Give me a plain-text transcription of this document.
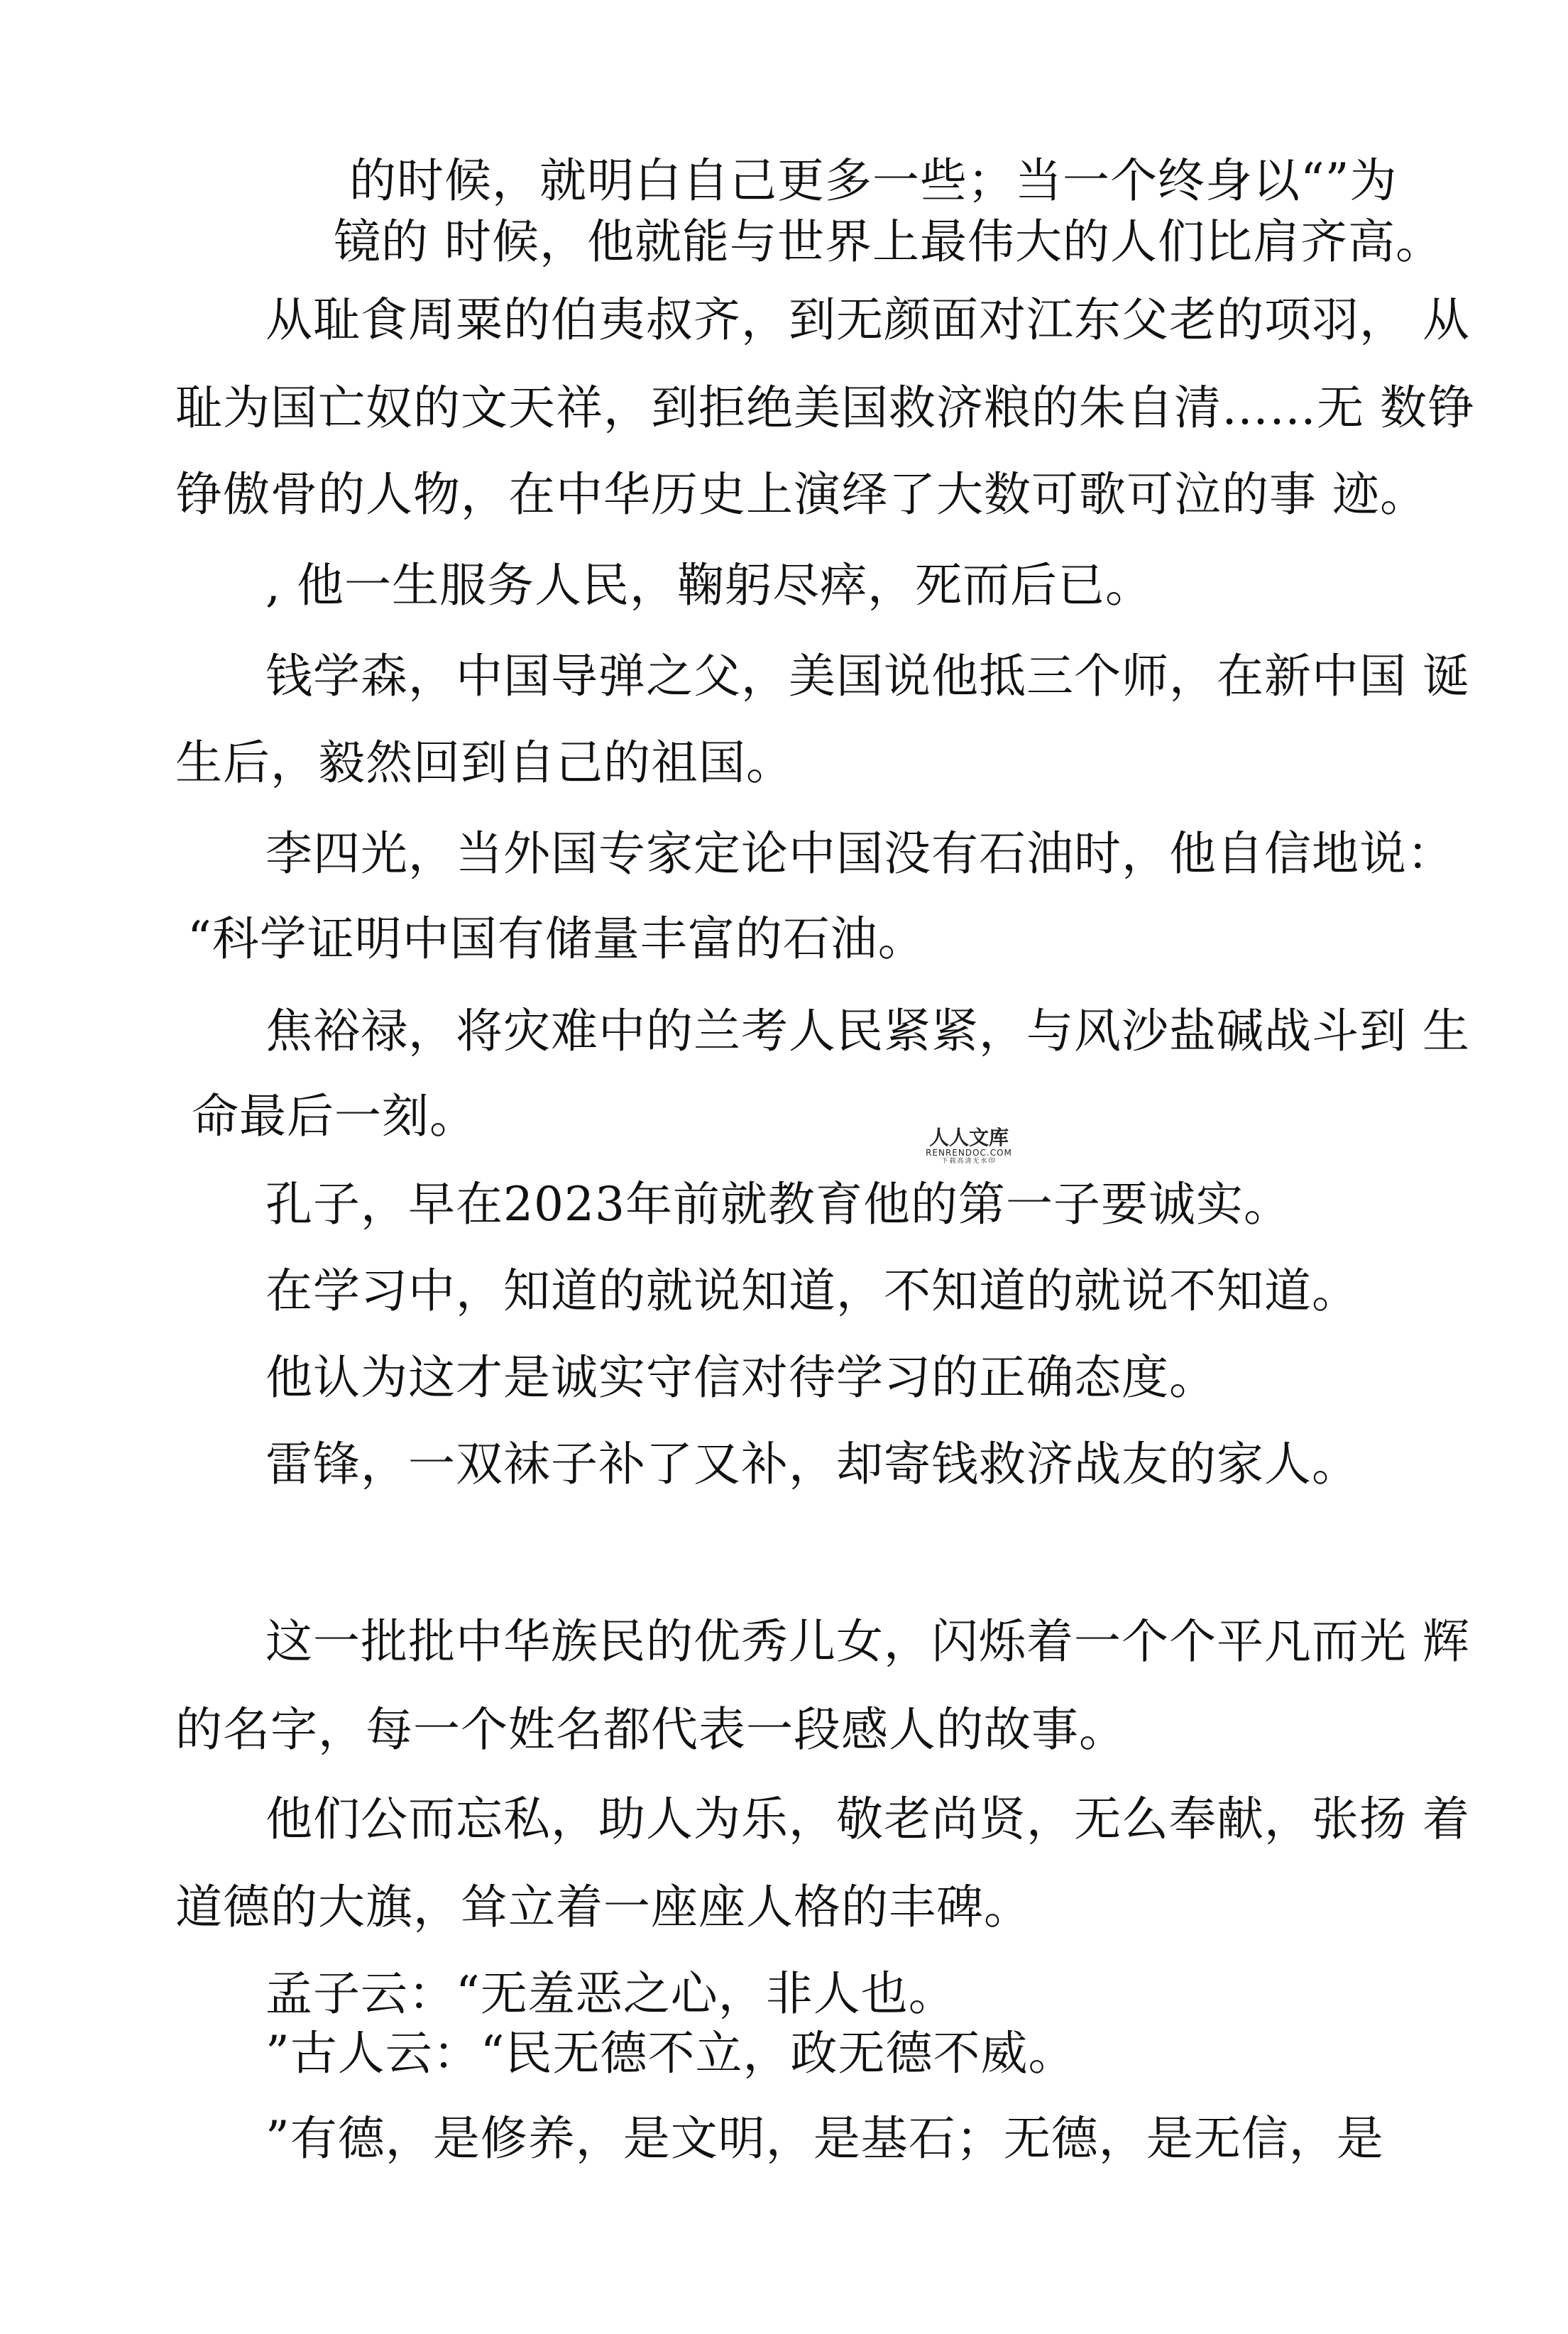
的时候，就明白自己更多一些；当一个终身以“”为
镜的 时候，他就能与世界上最伟大的人们比肩齐高。
从耻食周粟的伯夷叔齐，到无颜面对江东父老的项羽， 从
耻为国亡奴的文天祥，到拒绝美国救济粮的朱自清……无 数铮
铮傲骨的人物，在中华历史上演绎了大数可歌可泣的事 迹。
, 他一生服务人民，鞠躬尽瘁，死而后已。
钱学森，中国导弹之父，美国说他抵三个师，在新中国 诞
生后，毅然回到自己的祖国。
李四光，当外国专家定论中国没有石油时，他自信地说：
“科学证明中国有储量丰富的石油。
焦裕禄，将灾难中的兰考人民紧紧，与风沙盐碱战斗到 生
命最后一刻。
孔子，早在2023年前就教育他的第一子要诚实。
在学习中，知道的就说知道，不知道的就说不知道。
他认为这才是诚实守信对待学习的正确态度。
雷锋，一双袜子补了又补，却寄钱救济战友的家人。
这一批批中华族民的优秀儿女，闪烁着一个个平凡而光 辉
的名字，每一个姓名都代表一段感人的故事。
他们公而忘私，助人为乐，敬老尚贤，无么奉献，张扬 着
道德的大旗，耸立着一座座人格的丰碑。
孟子云：“无羞恶之心，非人也。
”古人云：“民无德不立，政无德不威。
”有德，是修养，是文明，是基石；无德，是无信，是
人人文库
RENRENDOC.COM
下载高清无水印
